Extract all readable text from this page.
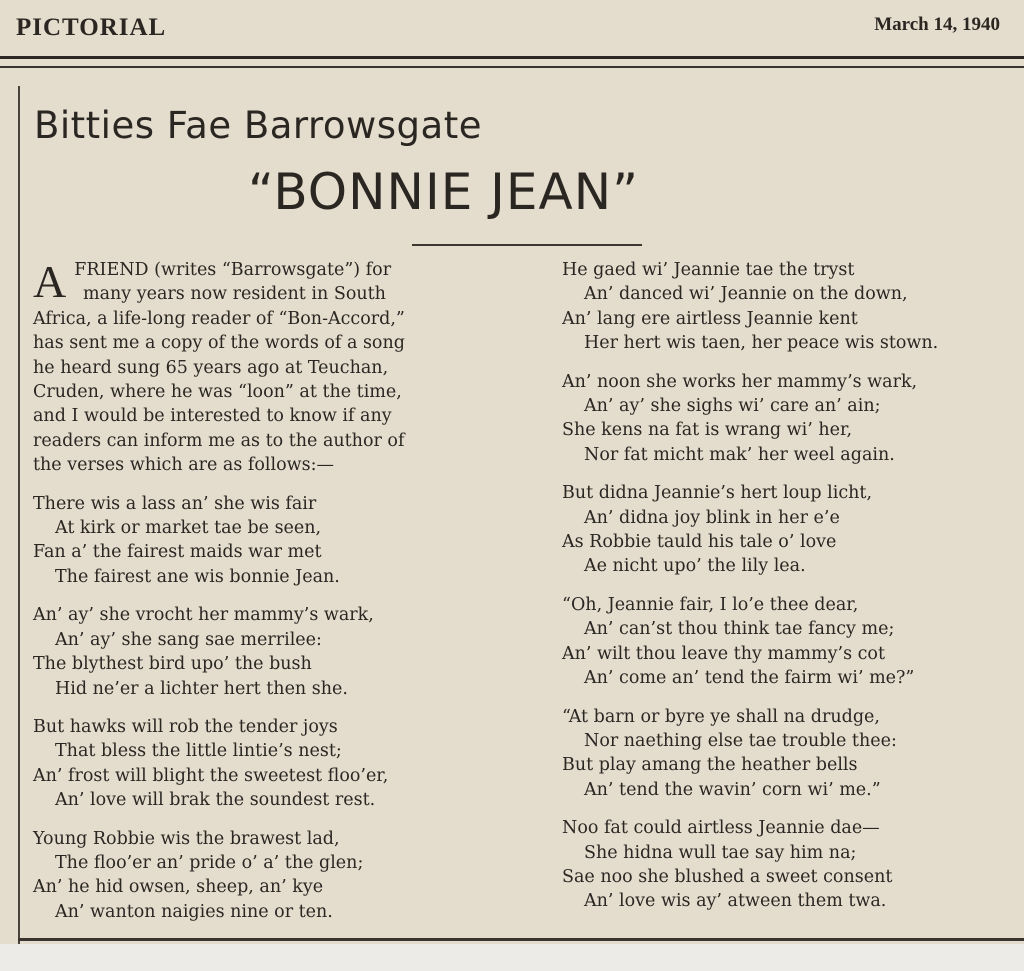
PICTORIAL	March 14, 1940
Bitties Fae Barrowsgate
“BONNIE JEAN”
A FRIEND (writes “Barrowsgate”) for
many years now resident in South
Africa, a life-long reader of “Bon-Accord,”
has sent me a copy of the words of a song
he heard sung 65 years ago at Teuchan,
Cruden, where he was “loon” at the time,
and I would be interested to know if any
readers can inform me as to the author of
the verses which are as follows:—
There wis a lass an’ she wis fair
At kirk or market tae be seen,
Fan a’ the fairest maids war met
The fairest ane wis bonnie Jean.
An’ ay’ she vrocht her mammy’s wark,
An’ ay’ she sang sae merrilee:
The blythest bird upo’ the bush
Hid ne’er a lichter hert then she.
But hawks will rob the tender joys
That bless the little lintie’s nest;
An’ frost will blight the sweetest floo’er,
An’ love will brak the soundest rest.
Young Robbie wis the brawest lad,
The floo’er an’ pride o’ a’ the glen;
An’ he hid owsen, sheep, an’ kye
An’ wanton naigies nine or ten.
He gaed wi’ Jeannie tae the tryst
An’ danced wi’ Jeannie on the down,
An’ lang ere airtless Jeannie kent
Her hert wis taen, her peace wis stown.
An’ noon she works her mammy’s wark,
An’ ay’ she sighs wi’ care an’ ain;
She kens na fat is wrang wi’ her,
Nor fat micht mak’ her weel again.
But didna Jeannie’s hert loup licht,
An’ didna joy blink in her e’e
As Robbie tauld his tale o’ love
Ae nicht upo’ the lily lea.
“Oh, Jeannie fair, I lo’e thee dear,
An’ can’st thou think tae fancy me;
An’ wilt thou leave thy mammy’s cot
An’ come an’ tend the fairm wi’ me?”
“At barn or byre ye shall na drudge,
Nor naething else tae trouble thee:
But play amang the heather bells
An’ tend the wavin’ corn wi’ me.”
Noo fat could airtless Jeannie dae—
She hidna wull tae say him na;
Sae noo she blushed a sweet consent
An’ love wis ay’ atween them twa.
